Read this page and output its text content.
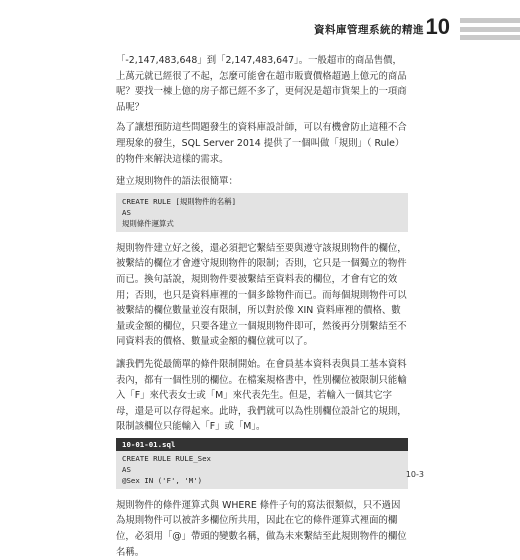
資料庫管理系統的精進 10

「-2,147,483,648」到「2,147,483,647」。一般超市的商品售價，上萬元就已經很了不起，怎麼可能會在超市販賣價格超過上億元的商品呢？要找一棟上億的房子都已經不多了，更何況是超市貨架上的一項商品呢？

為了讓想預防這些問題發生的資料庫設計師，可以有機會防止這種不合理現象的發生，SQL Server 2014 提供了一個叫做「規則」（ Rule）的物件來解決這樣的需求。

建立規則物件的語法很簡單：

CREATE RULE [規則物件的名稱]
AS
規則條件運算式

規則物件建立好之後，還必須把它繫結至要與遵守該規則物件的欄位，被繫結的欄位才會遵守規則物件的限制；否則，它只是一個獨立的物件而已。換句話說，規則物件要被繫結至資料表的欄位，才會有它的效用；否則，也只是資料庫裡的一個多餘物件而已。而每個規則物件可以被繫結的欄位數量並沒有限制，所以對於像 XIN 資料庫裡的價格、數量或金額的欄位，只要各建立一個規則物件即可，然後再分別繫結至不同資料表的價格、數量或金額的欄位就可以了。

讓我們先從最簡單的條件限制開始。在會員基本資料表與員工基本資料表內，都有一個性別的欄位。在檔案規格書中，性別欄位被限制只能輸入「F」來代表女士或「M」來代表先生。但是，若輸入一個其它字母，還是可以存得起來。此時，我們就可以為性別欄位設計它的規則，限制該欄位只能輸入「F」或「M」。

10-01-01.sql
CREATE RULE RULE_Sex
AS
@Sex IN ('F', 'M')

規則物件的條件運算式與 WHERE 條件子句的寫法很類似，只不過因為規則物件可以被許多欄位所共用，因此在它的條件運算式裡面的欄位，必須用「@」帶頭的變數名稱，做為未來繫結至此規則物件的欄位名稱。

10-3
